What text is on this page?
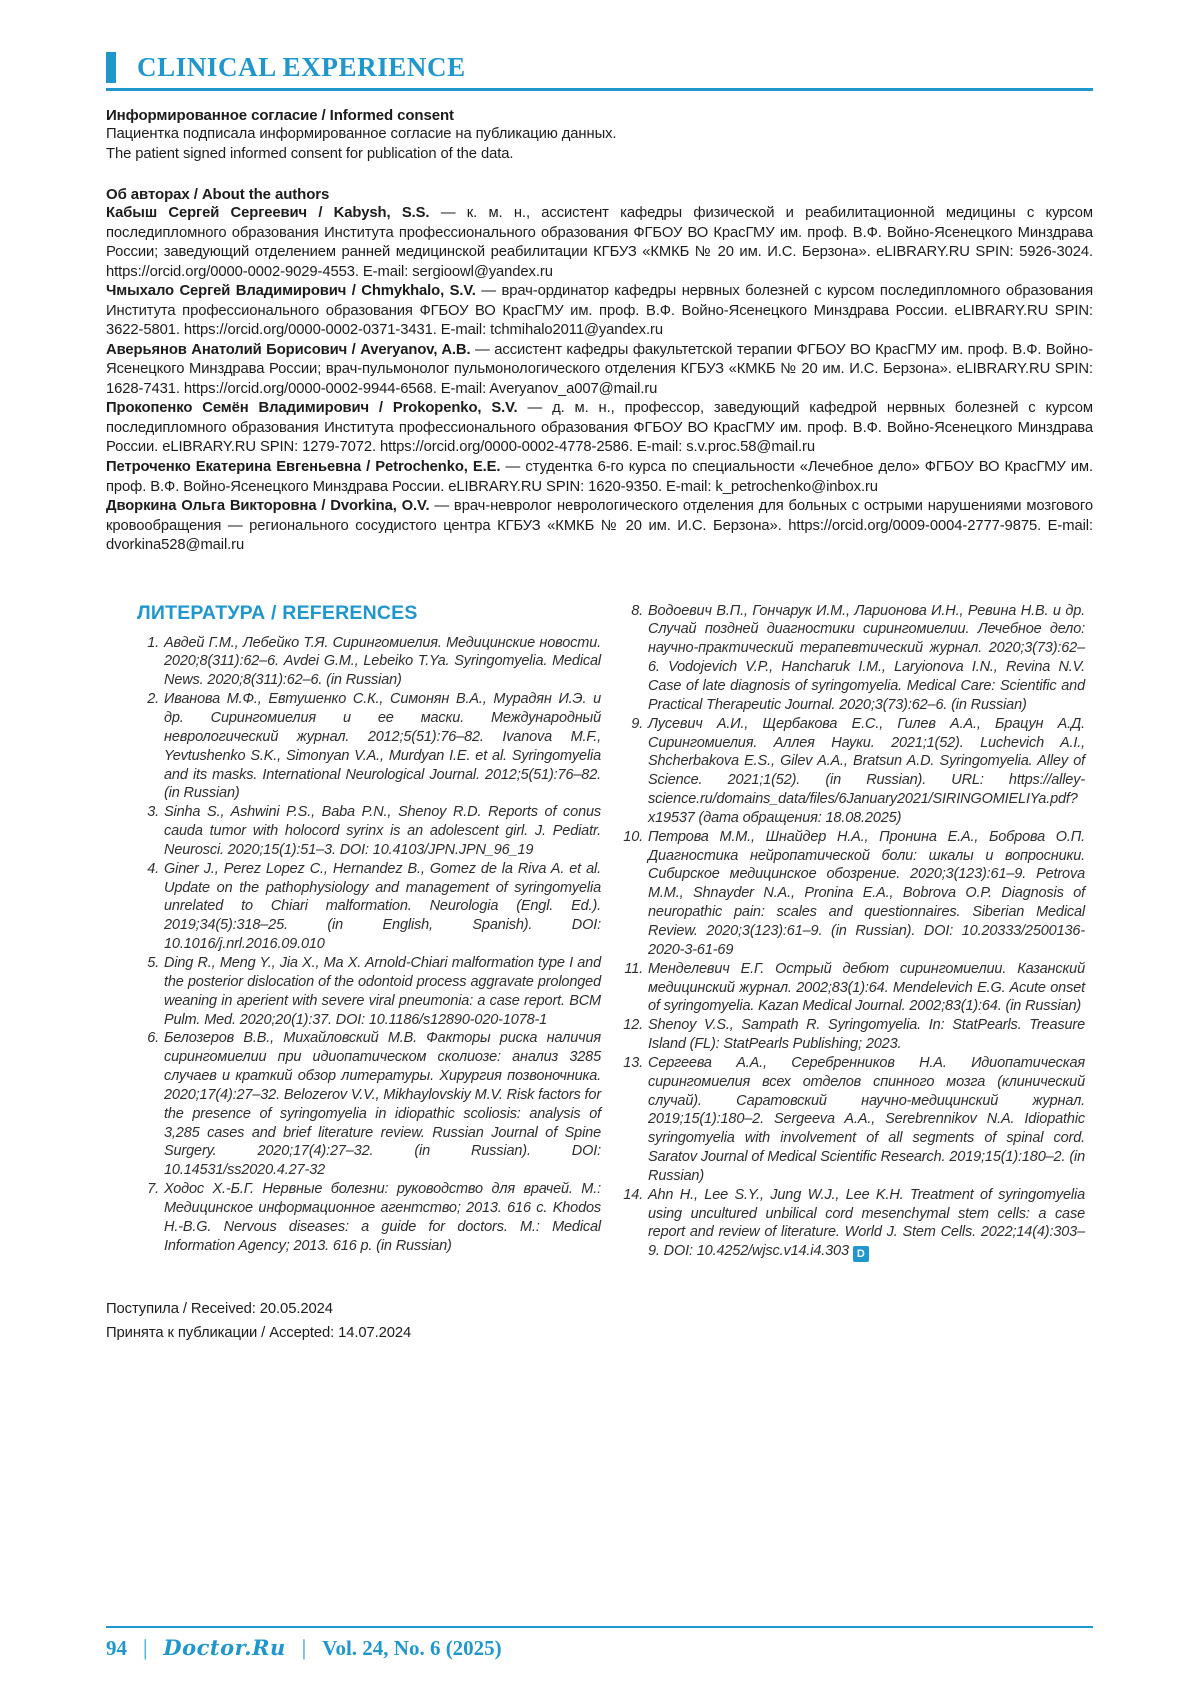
CLINICAL EXPERIENCE
Информированное согласие / Informed consent

Пациентка подписала информированное согласие на публикацию данных.

The patient signed informed consent for publication of the data.

Об авторах / About the authors

Кабыш Сергей Сергеевич / Kabysh, S.S. — к. м. н., ассистент кафедры физической и реабилитационной медицины с курсом последипломного образования Института профессионального образования ФГБОУ ВО КрасГМУ им. проф. В.Ф. Войно-Ясенецкого Минздрава России; заведующий отделением ранней медицинской реабилитации КГБУЗ «КМКБ № 20 им. И.С. Берзона». eLIBRARY.RU SPIN: 5926-3024. https://orcid.org/0000-0002-9029-4553. E-mail: sergioowl@yandex.ru

Чмыхало Сергей Владимирович / Chmykhalo, S.V. — врач-ординатор кафедры нервных болезней с курсом последипломного образования Института профессионального образования ФГБОУ ВО КрасГМУ им. проф. В.Ф. Войно-Ясенецкого Минздрава России. eLIBRARY.RU SPIN: 3622-5801. https://orcid.org/0000-0002-0371-3431. E-mail: tchmihalo2011@yandex.ru

Аверьянов Анатолий Борисович / Averyanov, A.B. — ассистент кафедры факультетской терапии ФГБОУ ВО КрасГМУ им. проф. В.Ф. Войно-Ясенецкого Минздрава России; врач-пульмонолог пульмонологического отделения КГБУЗ «КМКБ № 20 им. И.С. Берзона». eLIBRARY.RU SPIN: 1628-7431. https://orcid.org/0000-0002-9944-6568. E-mail: Averyanov_a007@mail.ru

Прокопенко Семён Владимирович / Prokopenko, S.V. — д. м. н., профессор, заведующий кафедрой нервных болезней с курсом последипломного образования Института профессионального образования ФГБОУ ВО КрасГМУ им. проф. В.Ф. Войно-Ясенецкого Минздрава России. eLIBRARY.RU SPIN: 1279-7072. https://orcid.org/0000-0002-4778-2586. E-mail: s.v.proc.58@mail.ru

Петроченко Екатерина Евгеньевна / Petrochenko, E.E. — студентка 6-го курса по специальности «Лечебное дело» ФГБОУ ВО КрасГМУ им. проф. В.Ф. Войно-Ясенецкого Минздрава России. eLIBRARY.RU SPIN: 1620-9350. E-mail: k_petrochenko@inbox.ru

Дворкина Ольга Викторовна / Dvorkina, O.V. — врач-невролог неврологического отделения для больных с острыми нарушениями мозгового кровообращения — регионального сосудистого центра КГБУЗ «КМКБ № 20 им. И.С. Берзона». https://orcid.org/0009-0004-2777-9875. E-mail: dvorkina528@mail.ru

ЛИТЕРАТУРА / REFERENCES

1. Авдей Г.М., Лебейко Т.Я. Сирингомиелия. Медицинские новости. 2020;8(311):62–6. Avdei G.M., Lebeiko T.Ya. Syringomyelia. Medical News. 2020;8(311):62–6. (in Russian)

2. Иванова М.Ф., Евтушенко С.К., Симонян В.А., Мурадян И.Э. и др. Сирингомиелия и ее маски. Международный неврологический журнал. 2012;5(51):76–82. Ivanova M.F., Yevtushenko S.K., Simonyan V.A., Murdyan I.E. et al. Syringomyelia and its masks. International Neurological Journal. 2012;5(51):76–82. (in Russian)

3. Sinha S., Ashwini P.S., Baba P.N., Shenoy R.D. Reports of conus cauda tumor with holocord syrinx is an adolescent girl. J. Pediatr. Neurosci. 2020;15(1):51–3. DOI: 10.4103/JPN.JPN_96_19

4. Giner J., Perez Lopez C., Hernandez B., Gomez de la Riva A. et al. Update on the pathophysiology and management of syringomyelia unrelated to Chiari malformation. Neurologia (Engl. Ed.). 2019;34(5):318–25. (in English, Spanish). DOI: 10.1016/j.nrl.2016.09.010

5. Ding R., Meng Y., Jia X., Ma X. Arnold-Chiari malformation type I and the posterior dislocation of the odontoid process aggravate prolonged weaning in aperient with severe viral pneumonia: a case report. BCM Pulm. Med. 2020;20(1):37. DOI: 10.1186/s12890-020-1078-1

6. Белозеров В.В., Михайловский М.В. Факторы риска наличия сирингомиелии при идиопатическом сколиозе: анализ 3285 случаев и краткий обзор литературы. Хирургия позвоночника. 2020;17(4):27–32. Belozerov V.V., Mikhaylovskiy M.V. Risk factors for the presence of syringomyelia in idiopathic scoliosis: analysis of 3,285 cases and brief literature review. Russian Journal of Spine Surgery. 2020;17(4):27–32. (in Russian). DOI: 10.14531/ss2020.4.27-32

7. Ходос Х.-Б.Г. Нервные болезни: руководство для врачей. М.: Медицинское информационное агентство; 2013. 616 с. Khodos H.-B.G. Nervous diseases: a guide for doctors. M.: Medical Information Agency; 2013. 616 p. (in Russian)

8. Водоевич В.П., Гончарук И.М., Ларионова И.Н., Ревина Н.В. и др. Случай поздней диагностики сирингомиелии. Лечебное дело: научно-практический терапевтический журнал. 2020;3(73):62–6. Vodojevich V.P., Hancharuk I.M., Laryionova I.N., Revina N.V. Case of late diagnosis of syringomyelia. Medical Care: Scientific and Practical Therapeutic Journal. 2020;3(73):62–6. (in Russian)

9. Лусевич А.И., Щербакова Е.С., Гилев А.А., Брацун А.Д. Сирингомиелия. Аллея Науки. 2021;1(52). Luchevich A.I., Shcherbakova E.S., Gilev A.A., Bratsun A.D. Syringomyelia. Alley of Science. 2021;1(52). (in Russian). URL: https://alley-science.ru/domains_data/files/6January2021/SIRINGOMIELIYa.pdf?x19537 (дата обращения: 18.08.2025)

10. Петрова М.М., Шнайдер Н.А., Пронина Е.А., Боброва О.П. Диагностика нейропатической боли: шкалы и вопросники. Сибирское медицинское обозрение. 2020;3(123):61–9. Petrova M.M., Shnayder N.A., Pronina E.A., Bobrova O.P. Diagnosis of neuropathic pain: scales and questionnaires. Siberian Medical Review. 2020;3(123):61–9. (in Russian). DOI: 10.20333/2500136-2020-3-61-69

11. Менделевич Е.Г. Острый дебют сирингомиелии. Казанский медицинский журнал. 2002;83(1):64. Mendelevich E.G. Acute onset of syringomyelia. Kazan Medical Journal. 2002;83(1):64. (in Russian)

12. Shenoy V.S., Sampath R. Syringomyelia. In: StatPearls. Treasure Island (FL): StatPearls Publishing; 2023.

13. Сергеева А.А., Серебренников Н.А. Идиопатическая сирингомиелия всех отделов спинного мозга (клинический случай). Саратовский научно-медицинский журнал. 2019;15(1):180–2. Sergeeva A.A., Serebrennikov N.A. Idiopathic syringomyelia with involvement of all segments of spinal cord. Saratov Journal of Medical Scientific Research. 2019;15(1):180–2. (in Russian)

14. Ahn H., Lee S.Y., Jung W.J., Lee K.H. Treatment of syringomyelia using uncultured unbilical cord mesenchymal stem cells: a case report and review of literature. World J. Stem Cells. 2022;14(4):303–9. DOI: 10.4252/wjsc.v14.i4.303 D

Поступила / Received: 20.05.2024

Принята к публикации / Accepted: 14.07.2024

94 | Doctor.Ru | Vol. 24, No. 6 (2025)
